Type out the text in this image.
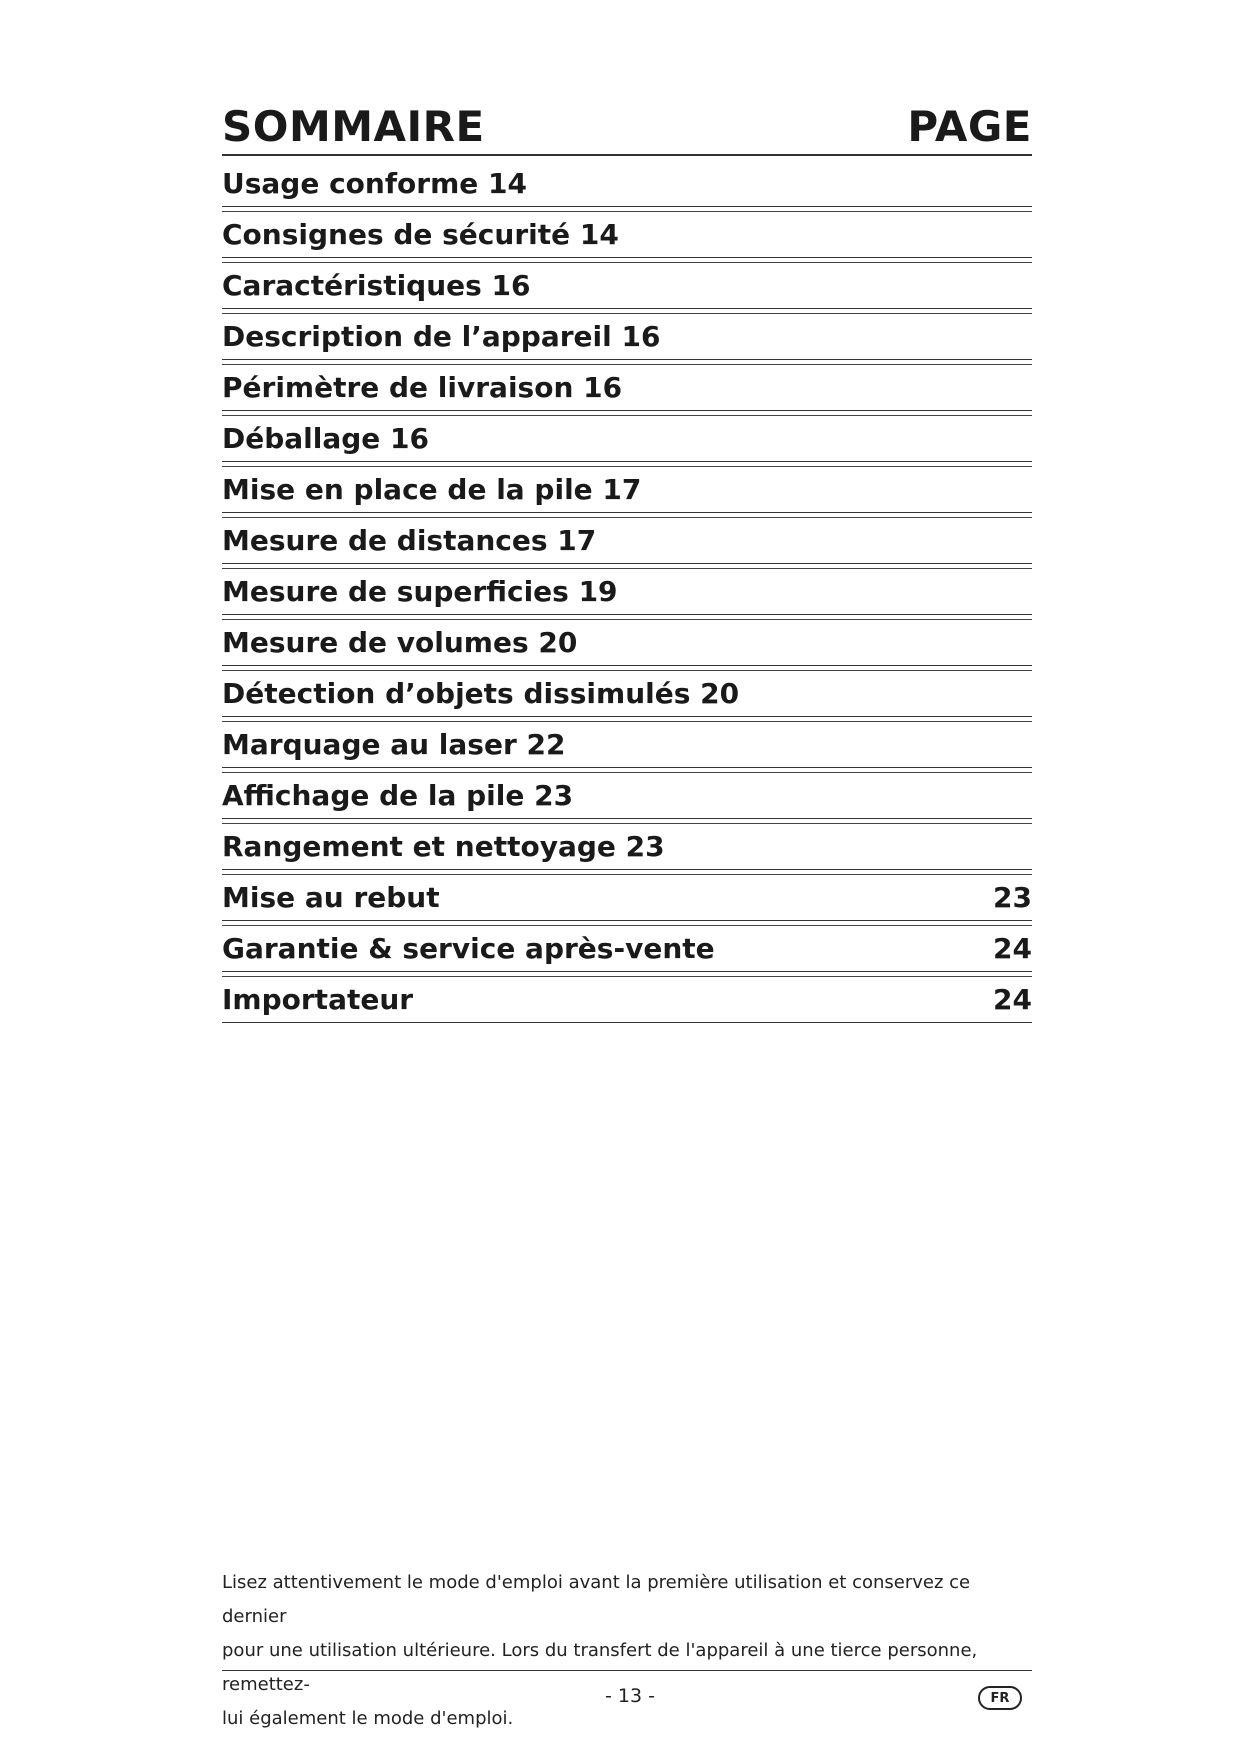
SOMMAIRE	PAGE
Usage conforme 14
Consignes de sécurité 14
Caractéristiques 16
Description de l’appareil 16
Périmètre de livraison 16
Déballage 16
Mise en place de la pile 17
Mesure de distances 17
Mesure de superficies 19
Mesure de volumes 20
Détection d’objets dissimulés 20
Marquage au laser 22
Affichage de la pile 23
Rangement et nettoyage 23
Mise au rebut	23
Garantie & service après-vente	24
Importateur	24
Lisez attentivement le mode d'emploi avant la première utilisation et conservez ce dernier
pour une utilisation ultérieure. Lors du transfert de l'appareil à une tierce personne, remettez-
lui également le mode d'emploi.
- 13 -	FR
